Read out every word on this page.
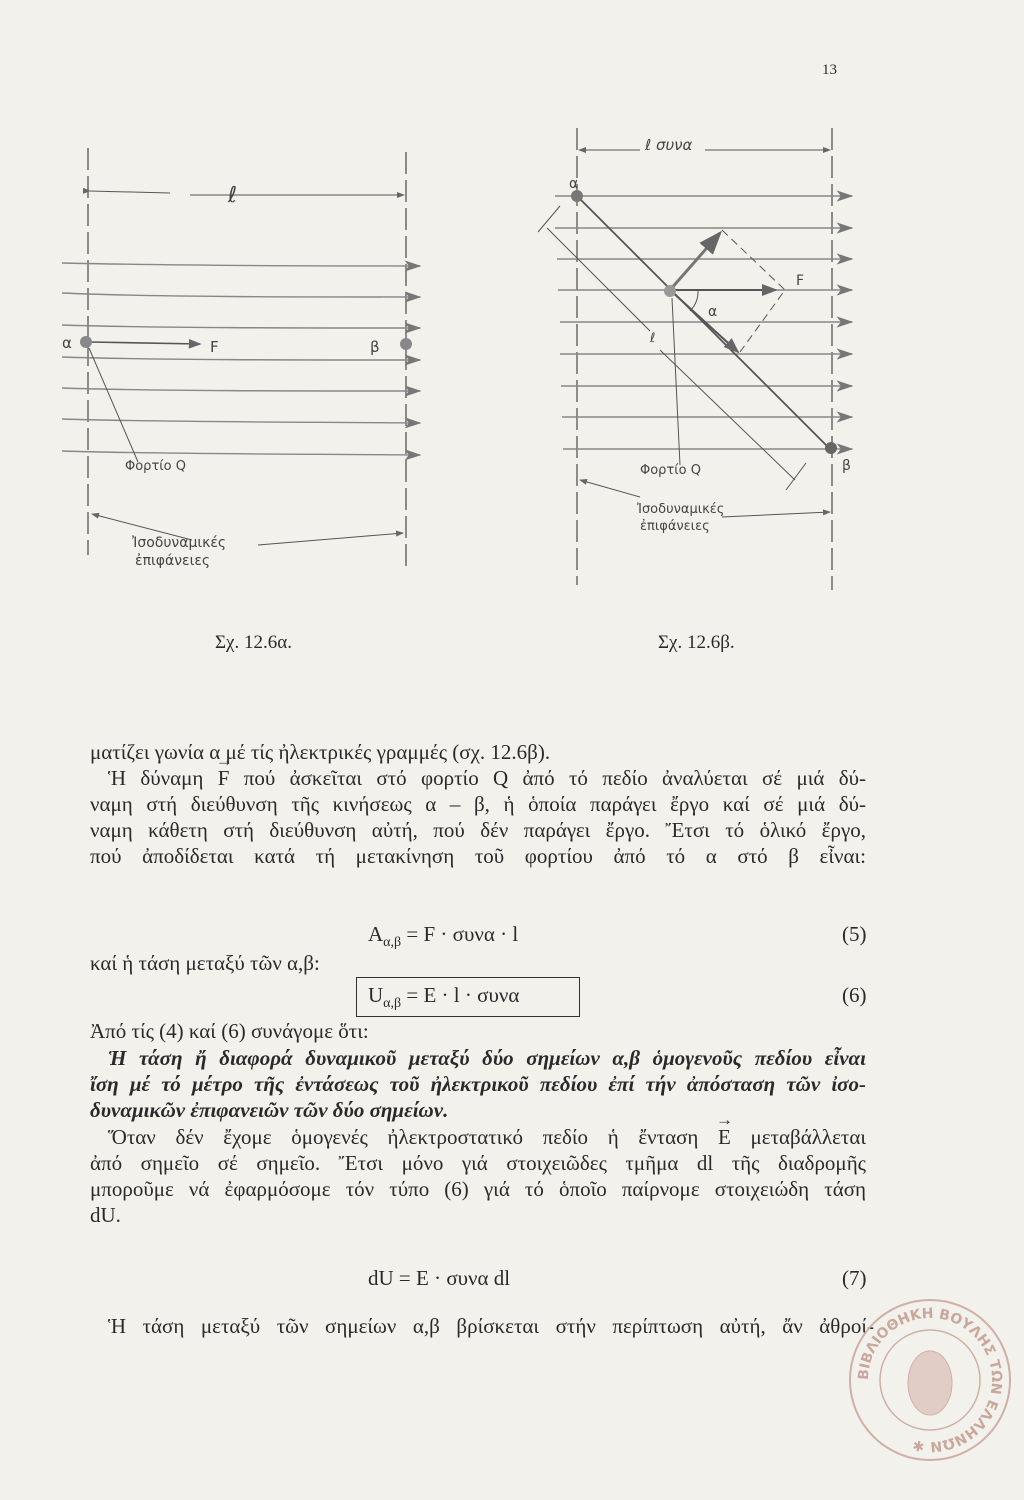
13
α	β
F
ℓ
Φορτίο Q
Ἰσοδυναμικές
ἐπιφάνειες
α
β
F
α
ℓ συνα
ℓ
Φορτίο Q
Ἰσοδυναμικές
ἐπιφάνειες
Σχ. 12.6α.	Σχ. 12.6β.
ματίζει γωνία α μέ τίς ἠλεκτρικές γραμμές (σχ. 12.6β).
Ἡ δύναμη → F πού ἀσκεῖται στό φορτίο Q ἀπό τό πεδίο ἀναλύεται σέ μιά δύ-
ναμη στή διεύθυνση τῆς κινήσεως α – β, ἡ ὁποία παράγει ἔργο καί σέ μιά δύ-
ναμη κάθετη στή διεύθυνση αὐτή, πού δέν παράγει ἔργο. Ἔτσι τό ὁλικό ἔργο,
πού ἀποδίδεται κατά τή μετακίνηση τοῦ φορτίου ἀπό τό α στό β εἶναι:
$A_{\alpha,\beta} = F \cdot \sigma\upsilon\nu\alpha \cdot l$	(5)
καί ἡ τάση μεταξύ τῶν α,β:
$U_{\alpha,\beta} = E \cdot l \cdot \sigma\upsilon\nu\alpha$	(6)
Ἀπό τίς (4) καί (6) συνάγομε ὅτι:
Ἡ τάση ἤ διαφορά δυναμικοῦ μεταξύ δύο σημείων α,β ὁμογενοῦς πεδίου εἶναι
ἴση μέ τό μέτρο τῆς ἐντάσεως τοῦ ἠλεκτρικοῦ πεδίου ἐπί τήν ἀπόσταση τῶν ἰσο-
δυναμικῶν ἐπιφανειῶν τῶν δύο σημείων.
Ὅταν δέν ἔχομε ὁμογενές ἠλεκτροστατικό πεδίο ἡ ἔνταση → E μεταβάλλεται
ἀπό σημεῖο σέ σημεῖο. Ἔτσι μόνο γιά στοιχειῶδες τμῆμα dl τῆς διαδρομῆς
μπορoῦμε νά ἐφαρμόσομε τόν τύπο (6) γιά τό ὁποῖο παίρνομε στοιχειώδη τάση
dU.
dU = E · συνα dl	(7)
Ἡ τάση μεταξύ τῶν σημείων α,β βρίσκεται στήν περίπτωση αὐτή, ἄν ἀθροί-
ΒΙΒΛΙΟΘΗΚΗ ΒΟΥΛΗΣ ΤΩΝ ΕΛΛΗΝΩΝ ✱
